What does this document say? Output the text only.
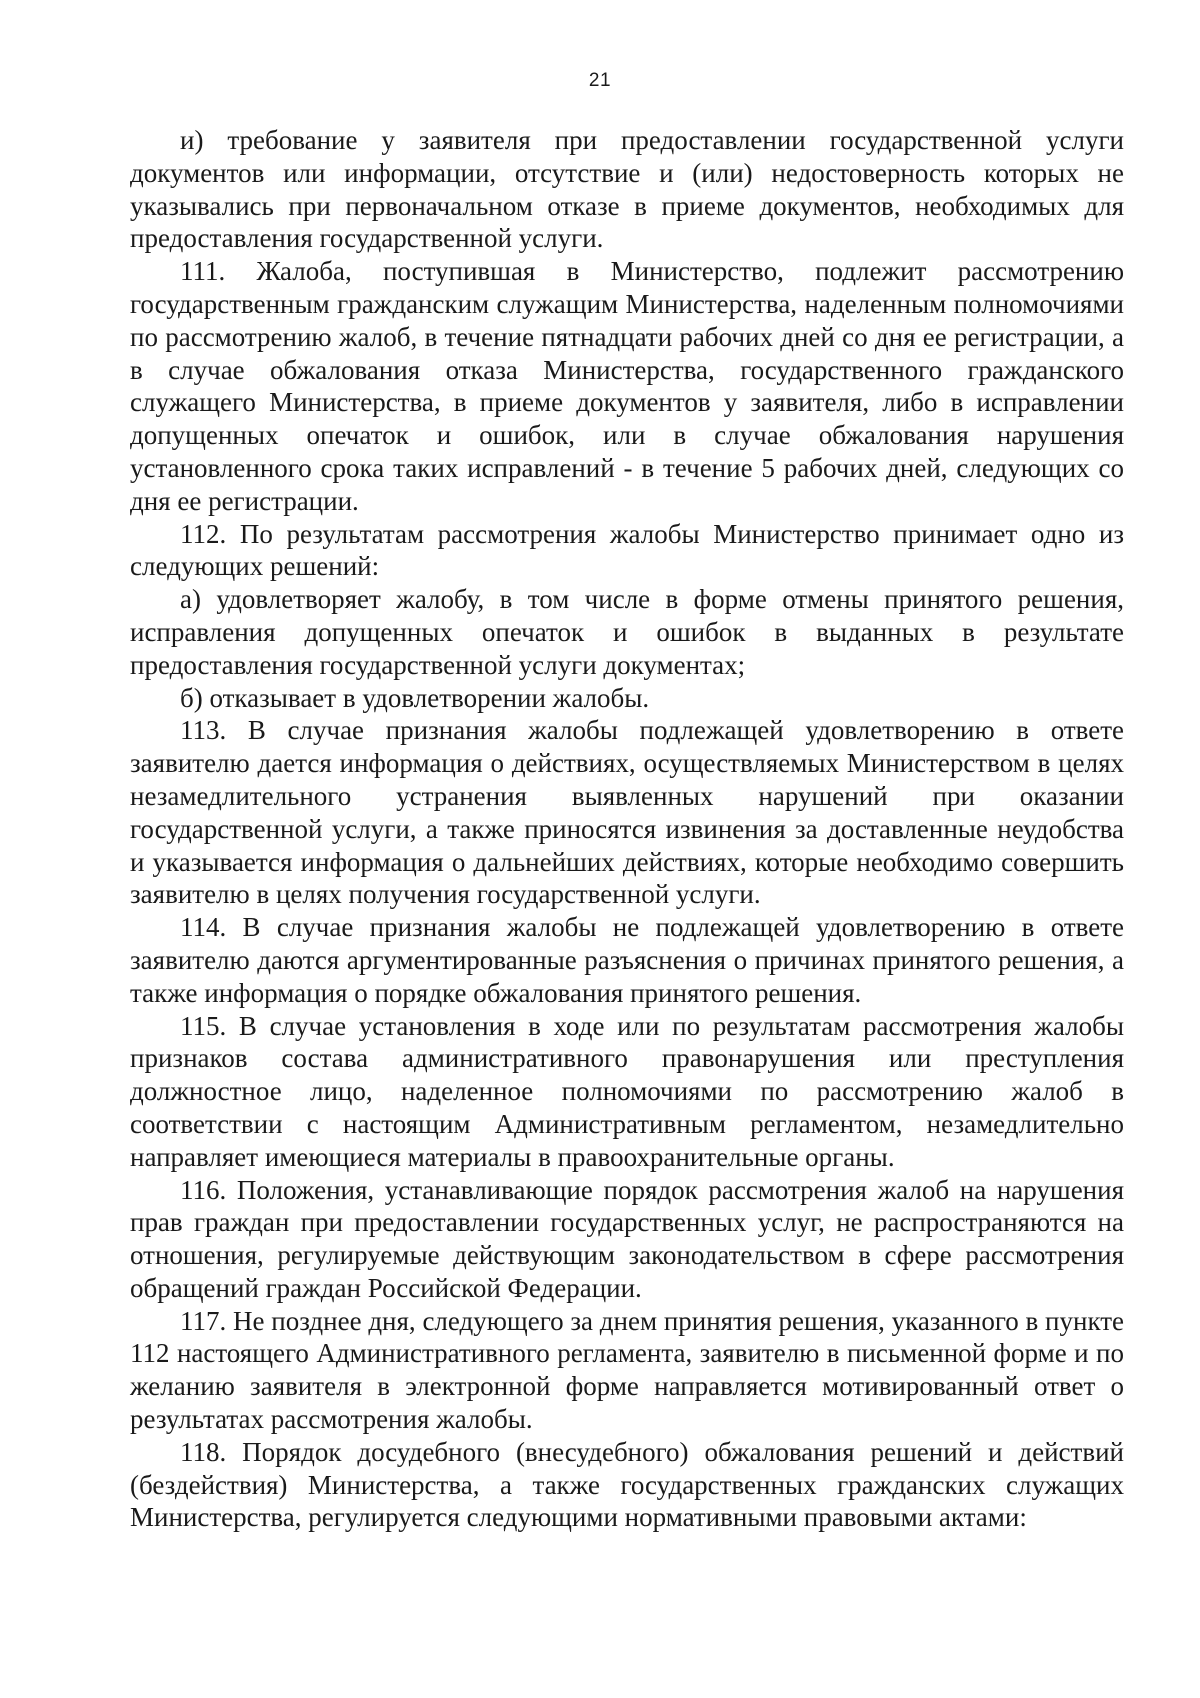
21

и) требование у заявителя при предоставлении государственной услуги документов или информации, отсутствие и (или) недостоверность которых не указывались при первоначальном отказе в приеме документов, необходимых для предоставления государственной услуги.

111. Жалоба, поступившая в Министерство, подлежит рассмотрению государственным гражданским служащим Министерства, наделенным полномочиями по рассмотрению жалоб, в течение пятнадцати рабочих дней со дня ее регистрации, а в случае обжалования отказа Министерства, государственного гражданского служащего Министерства, в приеме документов у заявителя, либо в исправлении допущенных опечаток и ошибок, или в случае обжалования нарушения установленного срока таких исправлений - в течение 5 рабочих дней, следующих со дня ее регистрации.

112. По результатам рассмотрения жалобы Министерство принимает одно из следующих решений:

а) удовлетворяет жалобу, в том числе в форме отмены принятого решения, исправления допущенных опечаток и ошибок в выданных в результате предоставления государственной услуги документах;

б) отказывает в удовлетворении жалобы.

113. В случае признания жалобы подлежащей удовлетворению в ответе заявителю дается информация о действиях, осуществляемых Министерством в целях незамедлительного устранения выявленных нарушений при оказании государственной услуги, а также приносятся извинения за доставленные неудобства и указывается информация о дальнейших действиях, которые необходимо совершить заявителю в целях получения государственной услуги.

114. В случае признания жалобы не подлежащей удовлетворению в ответе заявителю даются аргументированные разъяснения о причинах принятого решения, а также информация о порядке обжалования принятого решения.

115. В случае установления в ходе или по результатам рассмотрения жалобы признаков состава административного правонарушения или преступления должностное лицо, наделенное полномочиями по рассмотрению жалоб в соответствии с настоящим Административным регламентом, незамедлительно направляет имеющиеся материалы в правоохранительные органы.

116. Положения, устанавливающие порядок рассмотрения жалоб на нарушения прав граждан при предоставлении государственных услуг, не распространяются на отношения, регулируемые действующим законодательством в сфере рассмотрения обращений граждан Российской Федерации.

117. Не позднее дня, следующего за днем принятия решения, указанного в пункте 112 настоящего Административного регламента, заявителю в письменной форме и по желанию заявителя в электронной форме направляется мотивированный ответ о результатах рассмотрения жалобы.

118. Порядок досудебного (внесудебного) обжалования решений и действий (бездействия) Министерства, а также государственных гражданских служащих Министерства, регулируется следующими нормативными правовыми актами:
